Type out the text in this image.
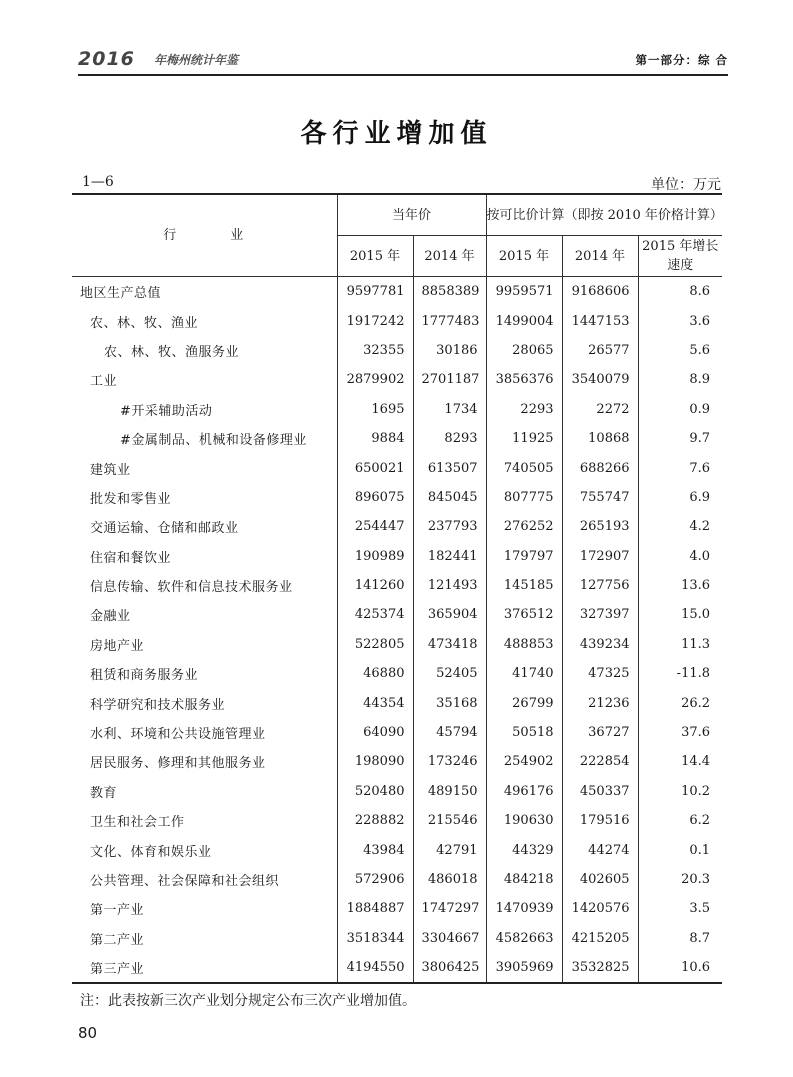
2016 年梅州统计年鉴	第一部分：综 合
各行业增加值
1—6	单位：万元
行 业	当年价		按可比价计算（即按 2010 年价格计算）		
	2015 年	2014 年	2015 年	2014 年	2015 年增长速度
地区生产总值	9597781	8858389	9959571	9168606	8.6
农、林、牧、渔业	1917242	1777483	1499004	1447153	3.6
农、林、牧、渔服务业	32355	30186	28065	26577	5.6
工业	2879902	2701187	3856376	3540079	8.9
#开采辅助活动	1695	1734	2293	2272	0.9
#金属制品、机械和设备修理业	9884	8293	11925	10868	9.7
建筑业	650021	613507	740505	688266	7.6
批发和零售业	896075	845045	807775	755747	6.9
交通运输、仓储和邮政业	254447	237793	276252	265193	4.2
住宿和餐饮业	190989	182441	179797	172907	4.0
信息传输、软件和信息技术服务业	141260	121493	145185	127756	13.6
金融业	425374	365904	376512	327397	15.0
房地产业	522805	473418	488853	439234	11.3
租赁和商务服务业	46880	52405	41740	47325	-11.8
科学研究和技术服务业	44354	35168	26799	21236	26.2
水利、环境和公共设施管理业	64090	45794	50518	36727	37.6
居民服务、修理和其他服务业	198090	173246	254902	222854	14.4
教育	520480	489150	496176	450337	10.2
卫生和社会工作	228882	215546	190630	179516	6.2
文化、体育和娱乐业	43984	42791	44329	44274	0.1
公共管理、社会保障和社会组织	572906	486018	484218	402605	20.3
第一产业	1884887	1747297	1470939	1420576	3.5
第二产业	3518344	3304667	4582663	4215205	8.7
第三产业	4194550	3806425	3905969	3532825	10.6
注：此表按新三次产业划分规定公布三次产业增加值。
80
